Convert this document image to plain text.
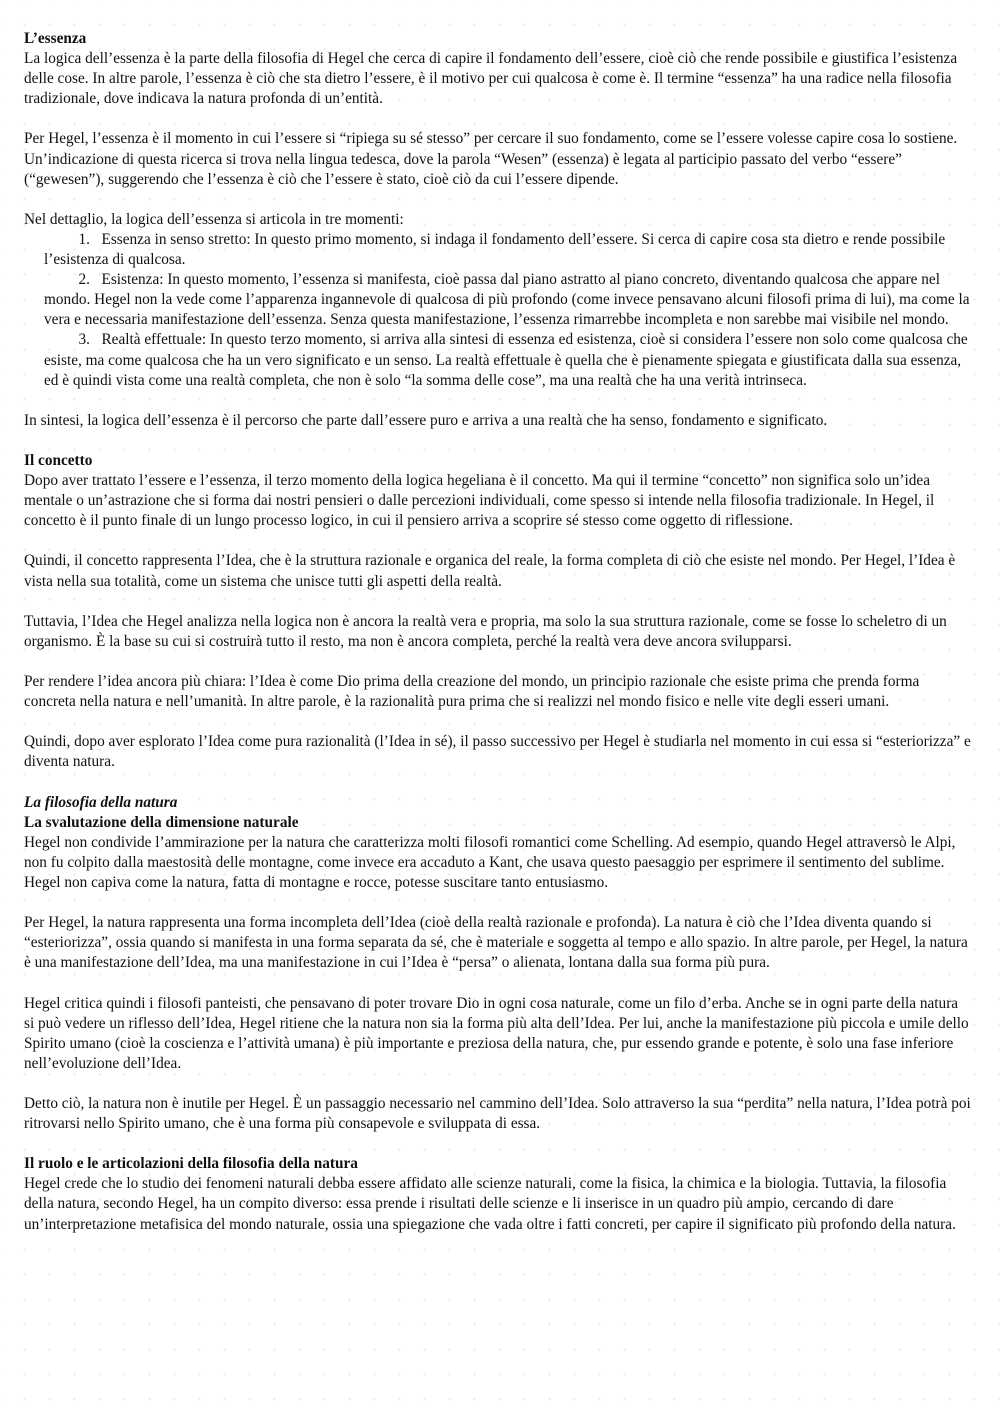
L’essenza
La logica dell’essenza è la parte della filosofia di Hegel che cerca di capire il fondamento dell’essere, cioè ciò che rende possibile e giustifica l’esistenza delle cose. In altre parole, l’essenza è ciò che sta dietro l’essere, è il motivo per cui qualcosa è come è. Il termine “essenza” ha una radice nella filosofia tradizionale, dove indicava la natura profonda di un’entità.

Per Hegel, l’essenza è il momento in cui l’essere si “ripiega su sé stesso” per cercare il suo fondamento, come se l’essere volesse capire cosa lo sostiene. Un’indicazione di questa ricerca si trova nella lingua tedesca, dove la parola “Wesen” (essenza) è legata al participio passato del verbo “essere” (“gewesen”), suggerendo che l’essenza è ciò che l’essere è stato, cioè ciò da cui l’essere dipende.

Nel dettaglio, la logica dell’essenza si articola in tre momenti:

1. Essenza in senso stretto: In questo primo momento, si indaga il fondamento dell’essere. Si cerca di capire cosa sta dietro e rende possibile l’esistenza di qualcosa.
2. Esistenza: In questo momento, l’essenza si manifesta, cioè passa dal piano astratto al piano concreto, diventando qualcosa che appare nel mondo. Hegel non la vede come l’apparenza ingannevole di qualcosa di più profondo (come invece pensavano alcuni filosofi prima di lui), ma come la vera e necessaria manifestazione dell’essenza. Senza questa manifestazione, l’essenza rimarrebbe incompleta e non sarebbe mai visibile nel mondo.
3. Realtà effettuale: In questo terzo momento, si arriva alla sintesi di essenza ed esistenza, cioè si considera l’essere non solo come qualcosa che esiste, ma come qualcosa che ha un vero significato e un senso. La realtà effettuale è quella che è pienamente spiegata e giustificata dalla sua essenza, ed è quindi vista come una realtà completa, che non è solo “la somma delle cose”, ma una realtà che ha una verità intrinseca.

In sintesi, la logica dell’essenza è il percorso che parte dall’essere puro e arriva a una realtà che ha senso, fondamento e significato.

Il concetto
Dopo aver trattato l’essere e l’essenza, il terzo momento della logica hegeliana è il concetto. Ma qui il termine “concetto” non significa solo un’idea mentale o un’astrazione che si forma dai nostri pensieri o dalle percezioni individuali, come spesso si intende nella filosofia tradizionale. In Hegel, il concetto è il punto finale di un lungo processo logico, in cui il pensiero arriva a scoprire sé stesso come oggetto di riflessione.

Quindi, il concetto rappresenta l’Idea, che è la struttura razionale e organica del reale, la forma completa di ciò che esiste nel mondo. Per Hegel, l’Idea è vista nella sua totalità, come un sistema che unisce tutti gli aspetti della realtà.

Tuttavia, l’Idea che Hegel analizza nella logica non è ancora la realtà vera e propria, ma solo la sua struttura razionale, come se fosse lo scheletro di un organismo. È la base su cui si costruirà tutto il resto, ma non è ancora completa, perché la realtà vera deve ancora svilupparsi.

Per rendere l’idea ancora più chiara: l’Idea è come Dio prima della creazione del mondo, un principio razionale che esiste prima che prenda forma concreta nella natura e nell’umanità. In altre parole, è la razionalità pura prima che si realizzi nel mondo fisico e nelle vite degli esseri umani.

Quindi, dopo aver esplorato l’Idea come pura razionalità (l’Idea in sé), il passo successivo per Hegel è studiarla nel momento in cui essa si “esteriorizza” e diventa natura.

La filosofia della natura
La svalutazione della dimensione naturale
Hegel non condivide l’ammirazione per la natura che caratterizza molti filosofi romantici come Schelling. Ad esempio, quando Hegel attraversò le Alpi, non fu colpito dalla maestosità delle montagne, come invece era accaduto a Kant, che usava questo paesaggio per esprimere il sentimento del sublime. Hegel non capiva come la natura, fatta di montagne e rocce, potesse suscitare tanto entusiasmo.

Per Hegel, la natura rappresenta una forma incompleta dell’Idea (cioè della realtà razionale e profonda). La natura è ciò che l’Idea diventa quando si “esteriorizza”, ossia quando si manifesta in una forma separata da sé, che è materiale e soggetta al tempo e allo spazio. In altre parole, per Hegel, la natura è una manifestazione dell’Idea, ma una manifestazione in cui l’Idea è “persa” o alienata, lontana dalla sua forma più pura.

Hegel critica quindi i filosofi panteisti, che pensavano di poter trovare Dio in ogni cosa naturale, come un filo d’erba. Anche se in ogni parte della natura si può vedere un riflesso dell’Idea, Hegel ritiene che la natura non sia la forma più alta dell’Idea. Per lui, anche la manifestazione più piccola e umile dello Spirito umano (cioè la coscienza e l’attività umana) è più importante e preziosa della natura, che, pur essendo grande e potente, è solo una fase inferiore nell’evoluzione dell’Idea.

Detto ciò, la natura non è inutile per Hegel. È un passaggio necessario nel cammino dell’Idea. Solo attraverso la sua “perdita” nella natura, l’Idea potrà poi ritrovarsi nello Spirito umano, che è una forma più consapevole e sviluppata di essa.

Il ruolo e le articolazioni della filosofia della natura
Hegel crede che lo studio dei fenomeni naturali debba essere affidato alle scienze naturali, come la fisica, la chimica e la biologia. Tuttavia, la filosofia della natura, secondo Hegel, ha un compito diverso: essa prende i risultati delle scienze e li inserisce in un quadro più ampio, cercando di dare un’interpretazione metafisica del mondo naturale, ossia una spiegazione che vada oltre i fatti concreti, per capire il significato più profondo della natura.
